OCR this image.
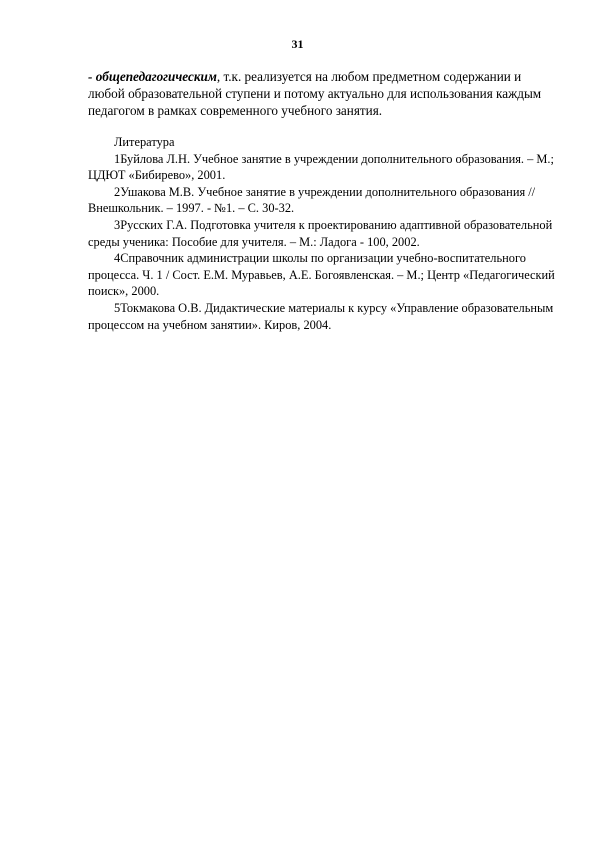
31

- общепедагогическим, т.к. реализуется на любом предметном содержании и любой образовательной ступени и потому актуально для использования каждым педагогом в рамках современного учебного занятия.

Литература

1Буйлова Л.Н. Учебное занятие в учреждении дополнительного образования. – М.; ЦДЮТ «Бибирево», 2001.

2Ушакова М.В. Учебное занятие в учреждении дополнительного образования //Внешкольник. – 1997. - №1. – С. 30-32.

3Русских Г.А. Подготовка учителя к проектированию адаптивной образовательной среды ученика: Пособие для учителя. – М.: Ладога - 100, 2002.

4Справочник администрации школы по организации учебно-воспитательного процесса. Ч. 1 / Сост. Е.М. Муравьев, А.Е. Богоявленская. – М.; Центр «Педагогический поиск», 2000.

5Токмакова О.В. Дидактические материалы к курсу «Управление образовательным процессом на учебном занятии». Киров, 2004.
